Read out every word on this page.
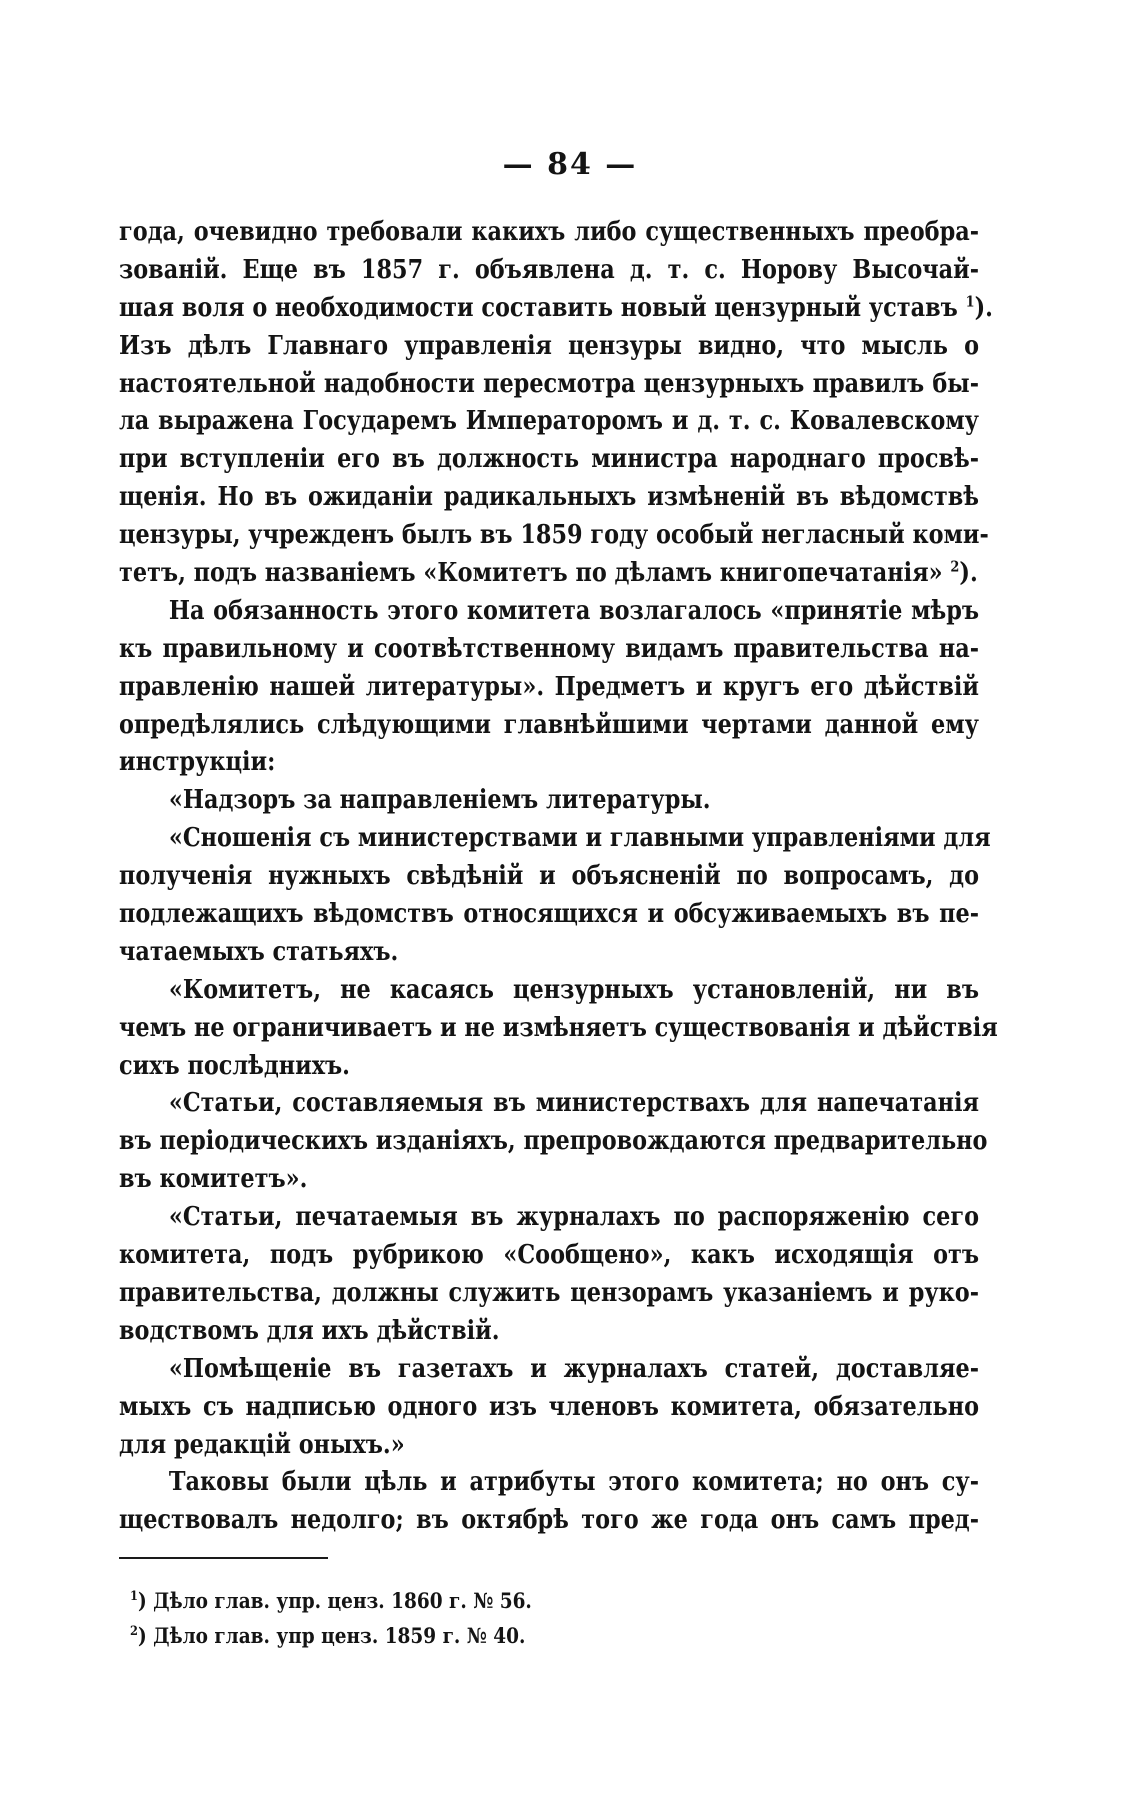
— 84 —
года, очевидно требовали какихъ либо существенныхъ преобра-
зованій. Еще въ 1857 г. объявлена д. т. с. Норову Высочай-
шая воля о необходимости составить новый цензурный уставъ $^1$).
Изъ дѣлъ Главнаго управленія цензуры видно, что мысль о
настоятельной надобности пересмотра цензурныхъ правилъ бы-
ла выражена Государемъ Императоромъ и д. т. с. Ковалевскому
при вступленіи его въ должность министра народнаго просвѣ-
щенія. Но въ ожиданіи радикальныхъ измѣненій въ вѣдомствѣ
цензуры, учрежденъ былъ въ 1859 году особый негласный коми-
тетъ, подъ названіемъ «Комитетъ по дѣламъ книгопечатанія» $^2$).
На обязанность этого комитета возлагалось «принятіе мѣръ
къ правильному и соотвѣтственному видамъ правительства на-
правленію нашей литературы». Предметъ и кругъ его дѣйствій
опредѣлялись слѣдующими главнѣйшими чертами данной ему
инструкціи:
«Надзоръ за направленіемъ литературы.
«Сношенія съ министерствами и главными управленіями для
полученія нужныхъ свѣдѣній и объясненій по вопросамъ, до
подлежащихъ вѣдомствъ относящихся и обсуживаемыхъ въ пе-
чатаемыхъ статьяхъ.
«Комитетъ, не касаясь цензурныхъ установленій, ни въ
чемъ не ограничиваетъ и не измѣняетъ существованія и дѣйствія
сихъ послѣднихъ.
«Статьи, составляемыя въ министерствахъ для напечатанія
въ періодическихъ изданіяхъ, препровождаются предварительно
въ комитетъ».
«Статьи, печатаемыя въ журналахъ по распоряженію сего
комитета, подъ рубрикою «Сообщено», какъ исходящія отъ
правительства, должны служить цензорамъ указаніемъ и руко-
водствомъ для ихъ дѣйствій.
«Помѣщеніе въ газетахъ и журналахъ статей, доставляе-
мыхъ съ надписью одного изъ членовъ комитета, обязательно
для редакцій оныхъ.»
Таковы были цѣль и атрибуты этого комитета; но онъ су-
ществовалъ недолго; въ октябрѣ того же года онъ самъ пред-
$^1$) Дѣло глав. упр. ценз. 1860 г. № 56.
$^2$) Дѣло глав. упр ценз. 1859 г. № 40.
